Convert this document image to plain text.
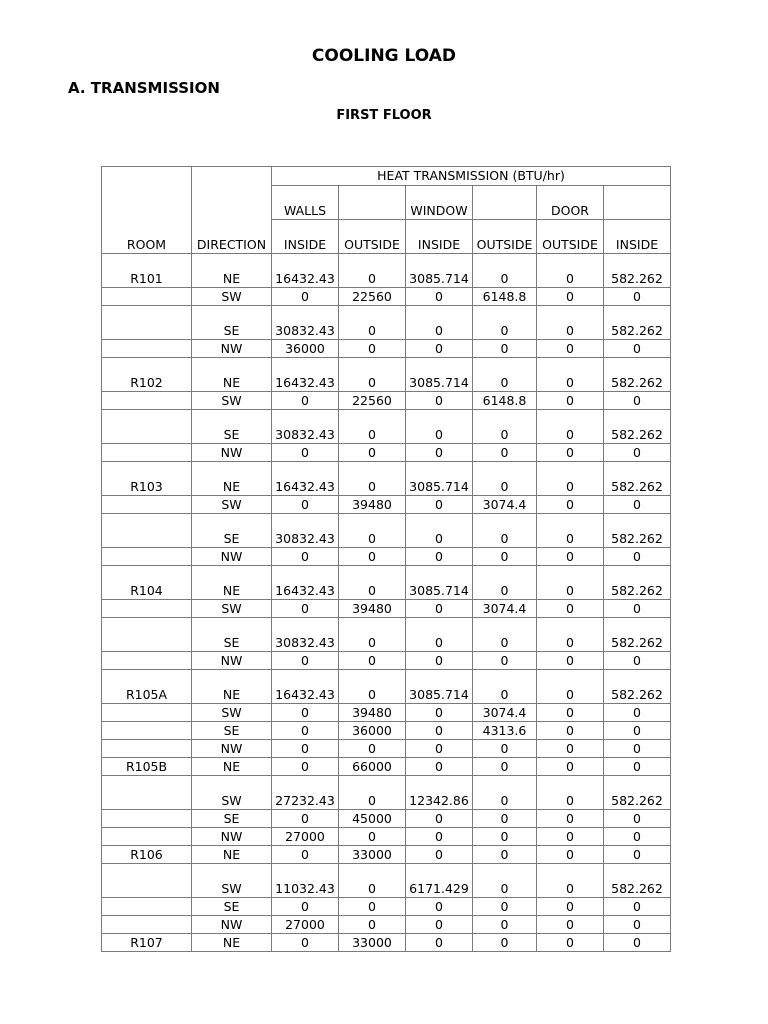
COOLING LOAD
A. TRANSMISSION
FIRST FLOOR
ROOM	DIRECTION	HEAT TRANSMISSION (BTU/hr)					
		WALLS		WINDOW		DOOR	
		INSIDE	OUTSIDE	INSIDE	OUTSIDE	OUTSIDE	INSIDE
R101	NE	16432.43	0	3085.714	0	0	582.262

	SW	0	22560	0	6148.8	0	0

	SE	30832.43	0	0	0	0	582.262

	NW	36000	0	0	0	0	0

R102	NE	16432.43	0	3085.714	0	0	582.262

	SW	0	22560	0	6148.8	0	0

	SE	30832.43	0	0	0	0	582.262

	NW	0	0	0	0	0	0

R103	NE	16432.43	0	3085.714	0	0	582.262

	SW	0	39480	0	3074.4	0	0

	SE	30832.43	0	0	0	0	582.262

	NW	0	0	0	0	0	0

R104	NE	16432.43	0	3085.714	0	0	582.262

	SW	0	39480	0	3074.4	0	0

	SE	30832.43	0	0	0	0	582.262

	NW	0	0	0	0	0	0

R105A	NE	16432.43	0	3085.714	0	0	582.262

	SW	0	39480	0	3074.4	0	0

	SE	0	36000	0	4313.6	0	0

	NW	0	0	0	0	0	0

R105B	NE	0	66000	0	0	0	0

	SW	27232.43	0	12342.86	0	0	582.262

	SE	0	45000	0	0	0	0

	NW	27000	0	0	0	0	0

R106	NE	0	33000	0	0	0	0

	SW	11032.43	0	6171.429	0	0	582.262

	SE	0	0	0	0	0	0

	NW	27000	0	0	0	0	0

R107	NE	0	33000	0	0	0	0
